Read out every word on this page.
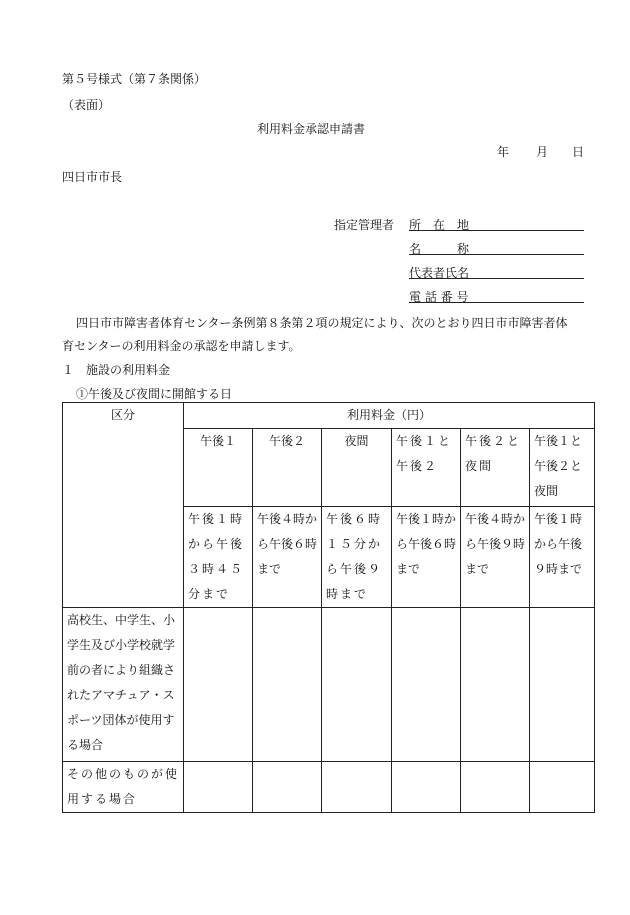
第５号様式（第７条関係）
（表面）
利用料金承認申請書
年 月 日
四日市市長
指定管理者 所　在　地
名　　　称
代表者氏名
電 話 番 号
四日市市障害者体育センター条例第８条第２項の規定により、次のとおり四日市市障害者体
育センターの利用料金の承認を申請します。
１　施設の利用料金
①午後及び夜間に開館する日
区分	利用料金（円）					
	午後１	午後２	夜間	午後１と午後２	午後２と夜間	午後１と午後２と夜間
	午後１時から午後３時４５分まで	午後４時から午後６時まで	午後６時１５分から午後９時まで	午後１時から午後６時まで	午後４時から午後９時まで	午後１時から午後９時まで
高校生、中学生、小学生及び小学校就学前の者により組織されたアマチュア・スポーツ団体が使用する場合						
その他のものが使用する場合						
